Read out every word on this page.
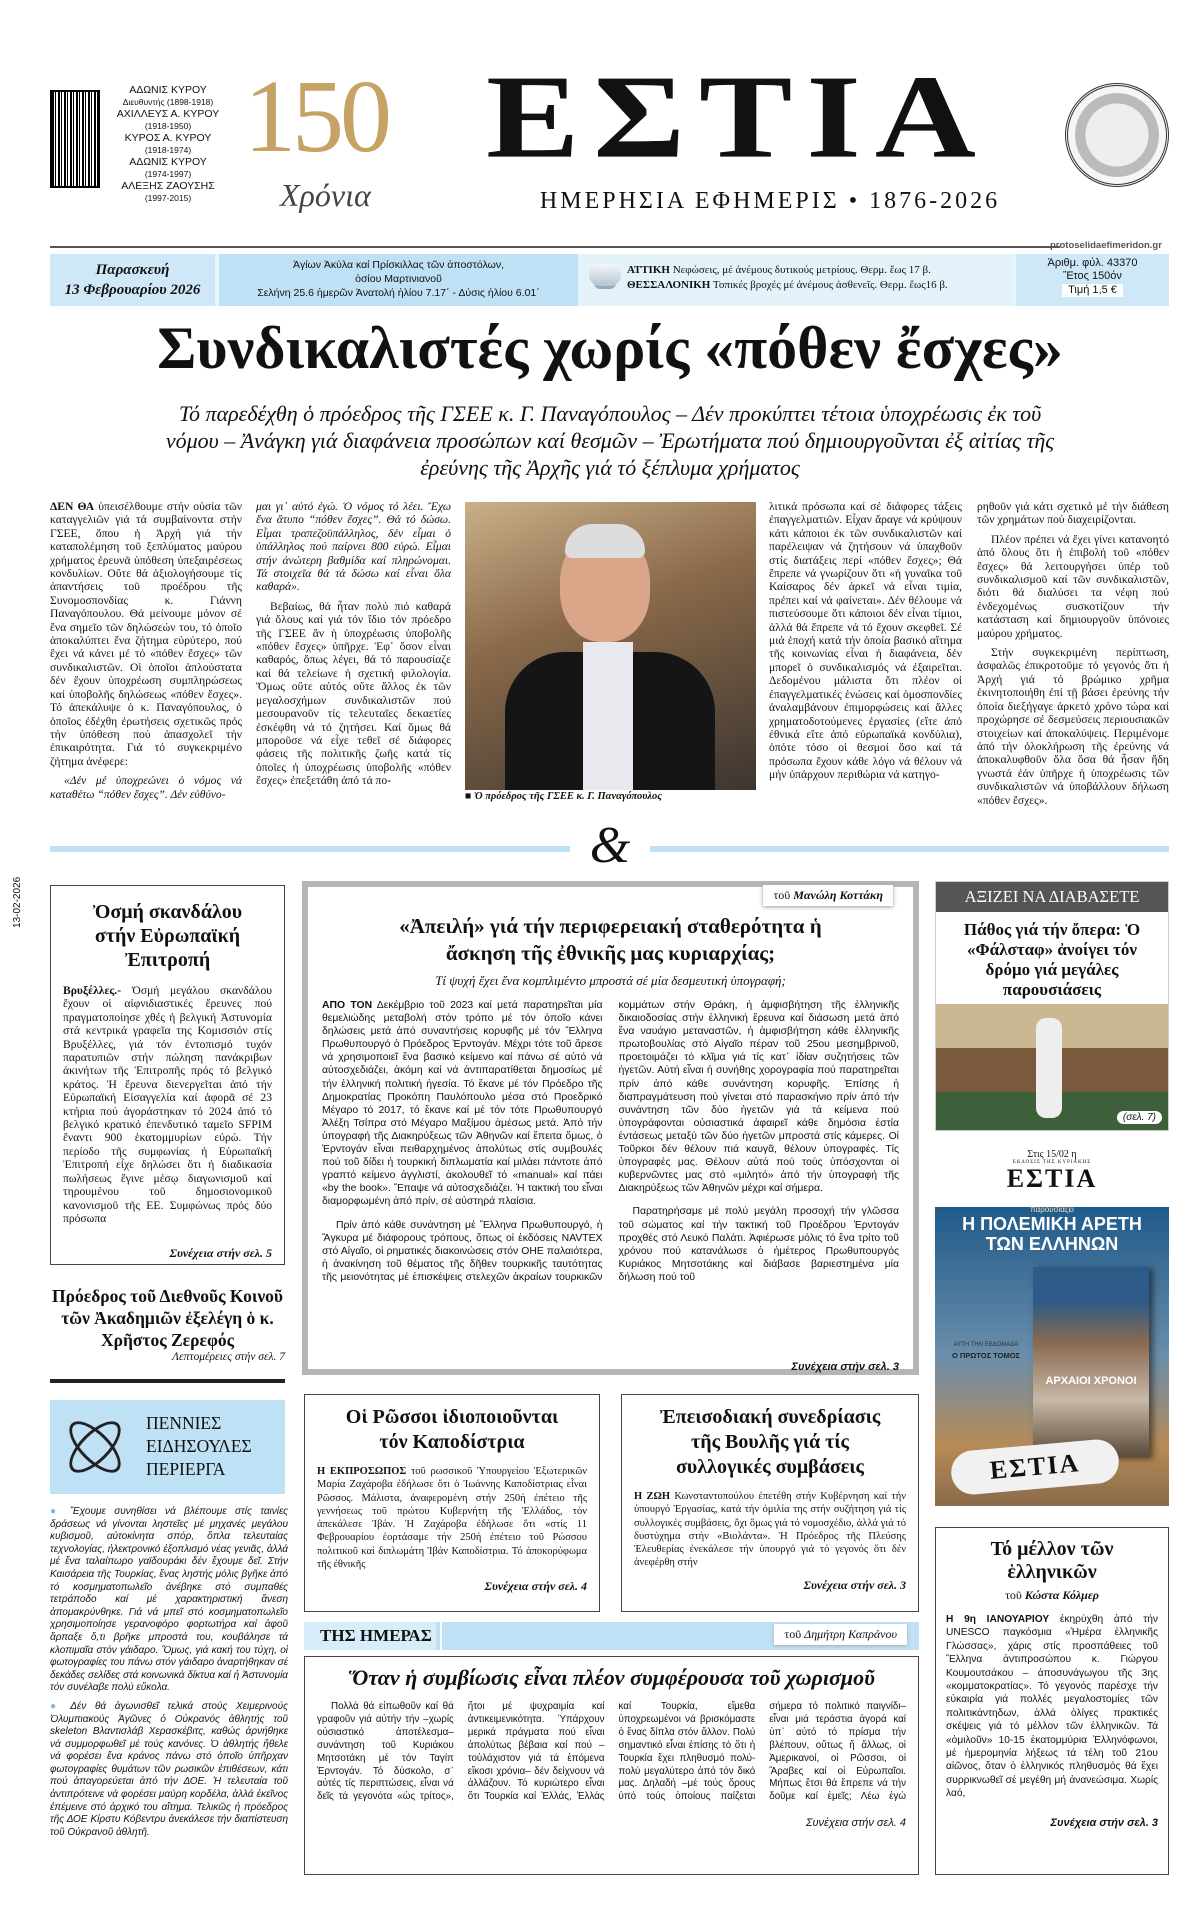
ΑΔΩΝΙΣ ΚΥΡΟΥ
Διευθυντής (1898-1918)
ΑΧΙΛΛΕΥΣ Α. ΚΥΡΟΥ
(1918-1950)
ΚΥΡΟΣ Α. ΚΥΡΟΥ
(1918-1974)
ΑΔΩΝΙΣ ΚΥΡΟΥ
(1974-1997)
ΑΛΕΞΗΣ ΖΑΟΥΣΗΣ
(1997-2015)
150
Χρόνια
ΕΣΤΙΑ
ΗΜΕΡΗΣΙΑ ΕΦΗΜΕΡΙΣ • 1876-2026
protoselidaefimeridon.gr
Παρασκευή
13 Φεβρουαρίου 2026
Ἁγίων Ἀκύλα καί Πρίσκιλλας τῶν ἀποστόλων,
ὁσίου Μαρτινιανοῦ
Σελήνη 25.6 ἡμερῶν Ἀνατολή ἡλίου 7.17΄ - Δύσις ἡλίου 6.01΄
ΑΤΤΙΚΗ Νεφώσεις, μέ ἀνέμους δυτικούς μετρίους. Θερμ. ἕως 17 β.
ΘΕΣΣΑΛΟΝΙΚΗ Τοπικές βροχές μέ ἀνέμους ἀσθενεῖς. Θερμ. ἕως16 β.
Ἀριθμ. φύλ. 43370
Ἔτος 150όν
Τιμή 1,5 €
Συνδικαλιστές χωρίς «πόθεν ἔσχες»
Τό παρεδέχθη ὁ πρόεδρος τῆς ΓΣΕΕ κ. Γ. Παναγόπουλος – Δέν προκύπτει τέτοια ὑποχρέωσις ἐκ τοῦ νόμου – Ἀνάγκη γιά διαφάνεια προσώπων καί θεσμῶν – Ἐρωτήματα πού δημιουργοῦνται ἐξ αἰτίας τῆς ἐρεύνης τῆς Ἀρχῆς γιά τό ξέπλυμα χρήματος

ΔΕΝ ΘΑ ὑπεισέλθουμε στήν οὐσία τῶν καταγγελιῶν γιά τά συμβαίνοντα στήν ΓΣΕΕ, ὅπου ἡ Ἀρχή γιά τήν καταπολέμηση τοῦ ξεπλύματος μαύρου χρήματος ἐρευνᾶ ὑπόθεση ὑπεξαιρέσεως κονδυλίων. Οὔτε θά ἀξιολογήσουμε τίς ἀπαντήσεις τοῦ προέδρου τῆς Συνομοσπονδίας κ. Γιάννη Παναγόπουλου. Θά μείνουμε μόνον σέ ἕνα σημεῖο τῶν δηλώσεών του, τό ὁποῖο ἀποκαλύπτει ἕνα ζήτημα εὐρύτερο, πού ἔχει νά κάνει μέ τό «πόθεν ἔσχες» τῶν συνδικαλιστῶν. Οἱ ὁποῖοι ἁπλούστατα δέν ἔχουν ὑποχρέωση συμπληρώσεως καί ὑποβολῆς δηλώσεως «πόθεν ἔσχες». Τό ἀπεκάλυψε ὁ κ. Παναγόπουλος, ὁ ὁποῖος ἐδέχθη ἐρωτήσεις σχετικῶς πρός τήν ὑπόθεση πού ἀπασχολεῖ τήν ἐπικαιρότητα. Γιά τό συγκεκριμένο ζήτημα ἀνέφερε:

«Δέν μέ ὑποχρεώνει ὁ νόμος νά καταθέτω “πόθεν ἔσχες”. Δέν εὐθύνο-

μαι γι᾽ αὐτό ἐγώ. Ὁ νόμος τό λέει. Ἔχω ἕνα ἄτυπο “πόθεν ἔσχες”. Θά τό δώσω. Εἶμαι τραπεζοϋπάλληλος, δέν εἶμαι ὁ ὑπάλληλος πού παίρνει 800 εὐρώ. Εἶμαι στήν ἀνώτερη βαθμίδα καί πληρώνομαι. Τά στοιχεῖα θά τά δώσω καί εἶναι ὅλα καθαρά».

Βεβαίως, θά ἦταν πολύ πιό καθαρά γιά ὅλους καί γιά τόν ἴδιο τόν πρόεδρο τῆς ΓΣΕΕ ἄν ἡ ὑποχρέωσις ὑποβολῆς «πόθεν ἔσχες» ὑπῆρχε. Ἐφ᾽ ὅσον εἶναι καθαρός, ὅπως λέγει, θά τό παρουσίαζε καί θά τελείωνε ἡ σχετική φιλολογία. Ὅμως οὔτε αὐτός οὔτε ἄλλος ἐκ τῶν μεγαλοσχήμων συνδικαλιστῶν πού μεσουρανοῦν τίς τελευταῖες δεκαετίες ἐσκέφθη νά τό ζητήσει. Καί ὅμως θά μποροῦσε νά εἶχε τεθεῖ σέ διάφορες φάσεις τῆς πολιτικῆς ζωῆς κατά τίς ὁποῖες ἡ ὑποχρέωσις ὑποβολῆς «πόθεν ἔσχες» ἐπεξετάθη ἀπό τά πο-

■ Ὁ πρόεδρος τῆς ΓΣΕΕ κ. Γ. Παναγόπουλος

λιτικά πρόσωπα καί σέ διάφορες τάξεις ἐπαγγελματιῶν. Εἶχαν ἄραγε νά κρύψουν κάτι κάποιοι ἐκ τῶν συνδικαλιστῶν καί παρέλειψαν νά ζητήσουν νά ὑπαχθοῦν στίς διατάξεις περί «πόθεν ἔσχες»; Θά ἔπρεπε νά γνωρίζουν ὅτι «ἡ γυναῖκα τοῦ Καίσαρος δέν ἀρκεῖ νά εἶναι τιμία, πρέπει καί νά φαίνεται». Δέν θέλουμε νά πιστεύσουμε ὅτι κάποιοι δέν εἶναι τίμιοι, ἀλλά θά ἔπρεπε νά τό ἔχουν σκεφθεῖ. Σέ μιά ἐποχή κατά τήν ὁποία βασικό αἴτημα τῆς κοινωνίας εἶναι ἡ διαφάνεια, δέν μπορεῖ ὁ συνδικαλισμός νά ἐξαιρεῖται. Δεδομένου μάλιστα ὅτι πλέον οἱ ἐπαγγελματικές ἑνώσεις καί ὁμοσπονδίες ἀναλαμβάνουν ἐπιμορφώσεις καί ἄλλες χρηματοδοτούμενες ἐργασίες (εἴτε ἀπό ἐθνικά εἴτε ἀπό εὐρωπαϊκά κονδύλια), ὁπότε τόσο οἱ θεσμοί ὅσο καί τά πρόσωπα ἔχουν κάθε λόγο νά θέλουν νά μήν ὑπάρχουν περιθώρια νά κατηγο-

ρηθοῦν γιά κάτι σχετικό μέ τήν διάθεση τῶν χρημάτων πού διαχειρίζονται.

Πλέον πρέπει νά ἔχει γίνει κατανοητό ἀπό ὅλους ὅτι ἡ ἐπιβολή τοῦ «πόθεν ἔσχες» θά λειτουργήσει ὑπέρ τοῦ συνδικαλισμοῦ καί τῶν συνδικαλιστῶν, διότι θά διαλύσει τα νέφη πού ἐνδεχομένως συσκοτίζουν τήν κατάσταση καί δημιουργοῦν ὑπόνοιες μαύρου χρήματος.

Στήν συγκεκριμένη περίπτωση, ἀσφαλῶς ἐπικροτοῦμε τό γεγονός ὅτι ἡ Ἀρχή γιά τό βρώμικο χρῆμα ἐκινητοποιήθη ἐπί τῇ βάσει ἐρεύνης τήν ὁποία διεξήγαγε ἀρκετό χρόνο τώρα καί προχώρησε σέ δεσμεύσεις περιουσιακῶν στοιχείων καί ἀποκαλύψεις. Περιμένομε ἀπό τήν ὁλοκλήρωση τῆς ἐρεύνης νά ἀποκαλυφθοῦν ὅλα ὅσα θά ἦσαν ἤδη γνωστά ἐάν ὑπῆρχε ἡ ὑποχρέωσις τῶν συνδικαλιστῶν νά ὑποβάλλουν δήλωση «πόθεν ἔσχες».

&
13-02-2026	Ὀσμή σκανδάλου στήν Εὐρωπαϊκή Ἐπιτροπή

Βρυξέλλες.- Ὀσμή μεγάλου σκανδάλου ἔχουν οἱ αἰφνιδιαστικές ἔρευνες πού πραγματοποίησε χθές ἡ βελγική Ἀστυνομία στά κεντρικά γραφεῖα της Κομισσιόν στίς Βρυξέλλες, γιά τόν ἐντοπισμό τυχόν παρατυπιῶν στήν πώληση πανάκριβων ἀκινήτων τῆς Ἐπιτροπῆς πρός τό βελγικό κράτος. Ἡ ἔρευνα διενεργεῖται ἀπό τήν Εὐρωπαϊκή Εἰσαγγελία καί ἀφορᾶ σέ 23 κτήρια πού ἀγοράστηκαν τό 2024 ἀπό τό βελγικό κρατικό ἐπενδυτικό ταμεῖο SFPIM ἔναντι 900 ἑκατομμυρίων εὐρώ. Τήν περίοδο τῆς συμφωνίας ἡ Εὐρωπαϊκή Ἐπιτροπή εἶχε δηλώσει ὅτι ἡ διαδικασία πωλήσεως ἔγινε μέσῳ διαγωνισμοῦ καί τηρουμένου τοῦ δημοσιονομικοῦ κανονισμοῦ τῆς ΕΕ. Συμφώνως πρός δύο πρόσωπα

Συνέχεια στήν σελ. 5
Πρόεδρος τοῦ Διεθνοῦς Κοινοῦ τῶν Ἀκαδημιῶν ἐξελέγη ὁ κ. Χρῆστος Ζερεφός
Λεπτομέρειες στήν σελ. 7
ΠΕΝΝΙΕΣ
ΕΙΔΗΣΟΥΛΕΣ
ΠΕΡΙΕΡΓΑ

● Ἔχουμε συνηθίσει νά βλέπουμε στίς ταινίες δράσεως νά γίνονται ληστεῖες μέ μηχανές μεγάλου κυβισμοῦ, αὐτοκίνητα σπόρ, ὅπλα τελευταίας τεχνολογίας, ἠλεκτρονικό ἐξοπλισμό νέας γενιᾶς, ἀλλά μέ ἕνα ταλαίπωρο γαϊδουράκι δέν ἔχουμε δεῖ. Στήν Καισάρεια τῆς Τουρκίας, ἕνας ληστής μόλις βγῆκε ἀπό τό κοσμηματοπωλεῖο ἀνέβηκε στό συμπαθές τετράποδο καί μέ χαρακτηριστική ἄνεση ἀπομακρύνθηκε. Γιά νά μπεῖ στό κοσμηματοπωλεῖο χρησιμοποίησε γερανοφόρο φορτωτήρα καί ἀφοῦ ἅρπαξε ὅ,τι βρῆκε μπροστά του, κουβάλησε τά κλοπιμαῖα στόν γάιδαρο. Ὅμως, γιά κακή του τύχη, οἱ φωτογραφίες του πάνω στόν γάιδαρο ἀναρτήθηκαν σέ δεκάδες σελίδες στά κοινωνικά δίκτυα καί ἡ Ἀστυνομία τόν συνέλαβε πολύ εὔκολα.

● Δέν θά ἀγωνισθεῖ τελικά στούς Χειμερινούς Ὀλυμπιακούς Ἀγῶνες ὁ Οὐκρανός ἀθλητής τοῦ skeleton Βλαντισλάβ Χερασκέβιτς, καθώς ἀρνήθηκε νά συμμορφωθεῖ μέ τούς κανόνες. Ὁ ἀθλητής ἤθελε νά φορέσει ἕνα κράνος πάνω στό ὁποῖο ὑπῆρχαν φωτογραφίες θυμάτων τῶν ρωσικῶν ἐπιθέσεων, κάτι πού ἀπαγορεύεται ἀπό τήν ΔΟΕ. Ἡ τελευταία τοῦ ἀντιπρότεινε νά φορέσει μαύρη κορδέλα, ἀλλά ἐκεῖνος ἐπέμεινε στό ἀρχικό του αἴτημα. Τελικῶς ἡ πρόεδρος τῆς ΔΟΕ Κίρστυ Κόβεντρυ ἀνεκάλεσε τήν διαπίστευση τοῦ Οὐκρανοῦ ἀθλητῆ.

τοῦ Μανώλη Κοττάκη
«Ἀπειλή» γιά τήν περιφερειακή σταθερότητα ἡ ἄσκηση τῆς ἐθνικῆς μας κυριαρχίας;
Τί ψυχή ἔχει ἕνα κομπλιμέντο μπροστά σέ μία δεσμευτική ὑπογραφή;

ΑΠΟ ΤΟΝ Δεκέμβριο τοῦ 2023 καί μετά παρατηρεῖται μία θεμελιώδης μεταβολή στόν τρόπο μέ τόν ὁποῖο κάνει δηλώσεις μετά ἀπό συναντήσεις κορυφῆς μέ τόν Ἕλληνα Πρωθυπουργό ὁ Πρόεδρος Ἐρντογάν. Μέχρι τότε τοῦ ἄρεσε νά χρησιμοποιεῖ ἕνα βασικό κείμενο καί πάνω σέ αὐτό νά αὐτοσχεδιάζει, ἀκόμη καί νά ἀντιπαρατίθεται δημοσίως μέ τήν ἑλληνική πολιτική ἡγεσία. Τό ἔκανε μέ τόν Πρόεδρο τῆς Δημοκρατίας Προκόπη Παυλόπουλο μέσα στό Προεδρικό Μέγαρο τό 2017, τό ἔκανε καί μέ τόν τότε Πρωθυπουργό Ἀλέξη Τσίπρα στό Μέγαρο Μαξίμου ἀμέσως μετά. Ἀπό τήν ὑπογραφή τῆς Διακηρύξεως τῶν Ἀθηνῶν καί ἔπειτα ὅμως, ὁ Ἐρντογάν εἶναι πειθαρχημένος ἀπολύτως στίς συμβουλές πού τοῦ δίδει ἡ τουρκική διπλωματία καί μιλάει πάντοτε ἀπό γραπτό κείμενο ἀγγλιστί, ἀκολουθεῖ τό «manual» καί πάει «by the book». Ἔπαψε νά αὐτοσχεδιάζει. Ἡ τακτική του εἶναι διαμορφωμένη ἀπό πρίν, σέ αὐστηρά πλαίσια.

Πρίν ἀπό κάθε συνάντηση μέ Ἕλληνα Πρωθυπουργό, ἡ Ἄγκυρα μέ διάφορους τρόπους, ὅπως οἱ ἐκδόσεις NAVTEX στό Αἰγαῖο, οἱ ρηματικές διακοινώσεις στόν ΟΗΕ παλαιότερα, ἡ ἀνακίνηση τοῦ θέματος τῆς δῆθεν τουρκικῆς ταυτότητας τῆς μειονότητας μέ ἐπισκέψεις στελεχῶν ἀκραίων τουρκικῶν κομμάτων στήν Θράκη, ἡ ἀμφισβήτηση τῆς ἑλληνικῆς δικαιοδοσίας στήν ἑλληνική ἔρευνα καί διάσωση μετά ἀπό ἕνα ναυάγιο μεταναστῶν, ἡ ἀμφισβήτηση κάθε ἑλληνικῆς πρωτοβουλίας στό Αἰγαῖο πέραν τοῦ 25ου μεσημβρινοῦ, προετοιμάζει τό κλῖμα γιά τίς κατ᾽ ἰδίαν συζητήσεις τῶν ἡγετῶν. Αὐτή εἶναι ἡ συνήθης χορογραφία πού παρατηρεῖται πρίν ἀπό κάθε συνάντηση κορυφῆς. Ἐπίσης ἡ διαπραγμάτευση πού γίνεται στό παρασκήνιο πρίν ἀπό τήν συνάντηση τῶν δύο ἡγετῶν γιά τά κείμενα πού ὑπογράφονται οὐσιαστικά ἀφαιρεῖ κάθε δημόσια ἑστία ἐντάσεως μεταξύ τῶν δύο ἡγετῶν μπροστά στίς κάμερες. Οἱ Τοῦρκοι δέν θέλουν πιά καυγᾶ, θέλουν ὑπογραφές. Τίς ὑπογραφές μας. Θέλουν αὐτά πού τούς ὑπόσχονται οἱ κυβερνῶντες μας στό «μιλητό» ἀπό τήν ὑπογραφή τῆς Διακηρύξεως τῶν Ἀθηνῶν μέχρι καί σήμερα.

Παρατηρήσαμε μέ πολύ μεγάλη προσοχή τήν γλῶσσα τοῦ σώματος καί τήν τακτική τοῦ Προέδρου Ἐρντογάν προχθές στό Λευκό Παλάτι. Ἀφιέρωσε μόλις τό ἕνα τρίτο τοῦ χρόνου πού κατανάλωσε ὁ ἡμέτερος Πρωθυπουργός Κυριάκος Μητσοτάκης καί διάβασε βαριεστημένα μία δήλωση πού τοῦ

Συνέχεια στήν σελ. 3
Οἱ Ρῶσσοι ἰδιοποιοῦνται τόν Καποδίστρια

Η ΕΚΠΡΟΣΩΠΟΣ τοῦ ρωσσικοῦ Ὑπουργείου Ἐξωτερικῶν Μαρία Ζαχάροβα ἐδήλωσε ὅτι ὁ Ἰωάννης Καποδίστριας εἶναι Ρῶσσος. Μάλιστα, ἀναφερομένη στήν 250ή ἐπέτειο τῆς γεννήσεως τοῦ πρώτου Κυβερνήτη τῆς Ἑλλάδος, τόν ἀπεκάλεσε Ἰβάν. Ἡ Ζαχάροβα ἐδήλωσε ὅτι «στίς 11 Φεβρουαρίου ἑορτάσαμε τήν 250ή ἐπέτειο τοῦ Ρώσσου πολιτικοῦ καί διπλωμάτη Ἰβάν Καποδίστρια. Τό ἀποκορύφωμα τῆς ἐθνικῆς

Συνέχεια στήν σελ. 4
Ἐπεισοδιακή συνεδρίασις τῆς Βουλῆς γιά τίς συλλογικές συμβάσεις

Η ΖΩΗ Κωνσταντοπούλου ἐπετέθη στήν Κυβέρνηση καί τήν ὑπουργό Ἐργασίας, κατά τήν ὁμιλία της στήν συζήτηση γιά τίς συλλογικές συμβάσεις, ὄχι ὅμως γιά τό νομοσχέδιο, ἀλλά γιά τό δυστύχημα στήν «Βιολάντα». Ἡ Πρόεδρος τῆς Πλεύσης Ἐλευθερίας ἐνεκάλεσε τήν ὑπουργό γιά τό γεγονός ὅτι δέν ἀνεφέρθη στήν

Συνέχεια στήν σελ. 3
ΤΗΣ ΗΜΕΡΑΣ	τοῦ Δημήτρη Καπράνου
Ὅταν ἡ συμβίωσις εἶναι πλέον συμφέρουσα τοῦ χωρισμοῦ

Πολλά θά εἰπωθοῦν καί θά γραφοῦν γιά αὐτήν τήν –χωρίς οὐσιαστικό ἀποτέλεσμα– συνάντηση τοῦ Κυριάκου Μητσοτάκη μέ τόν Ταγίπ Ἐρντογάν. Τό δύσκολο, σ᾽ αὐτές τίς περιπτώσεις, εἶναι νά δεῖς τά γεγονότα «ὡς τρίτος», ἤτοι μέ ψυχραιμία καί ἀντικειμενικότητα. Ὑπάρχουν μερικά πράγματα πού εἶναι ἀπολύτως βέβαια καί πού –τοὐλάχιστον γιά τά ἑπόμενα εἴκοσι χρόνια– δέν δείχνουν νά ἀλλάζουν. Τό κυριώτερο εἶναι ὅτι Τουρκία καί Ἑλλάς, Ἑλλάς καί Τουρκία, εἴμεθα ὑποχρεωμένοι νά βρισκόμαστε ὁ ἕνας δίπλα στόν ἄλλον. Πολύ σημαντικό εἶναι ἐπίσης τό ὅτι ἡ Τουρκία ἔχει πληθυσμό πολύ-πολύ μεγαλύτερο ἀπό τόν δικό μας. Δηλαδή –μέ τούς ὅρους ὑπό τούς ὁποίους παίζεται σήμερα τό πολιτικό παιγνίδι– εἶναι μιά τεράστια ἀγορά καί ὑπ᾽ αὐτό τό πρίσμα τήν βλέπουν, οὕτως ἤ ἄλλως, οἱ Ἀμερικανοί, οἱ Ρῶσσοι, οἱ Ἄραβες καί οἱ Εὐρωπαῖοι. Μήπως ἔτσι θά ἔπρεπε νά τήν δοῦμε καί ἐμεῖς; Λέω ἐγώ

Συνέχεια στήν σελ. 4
ΑΞΙΖΕΙ ΝΑ ΔΙΑΒΑΣΕΤΕ
Πάθος γιά τήν ὄπερα: Ὁ «Φάλσταφ» ἀνοίγει τόν δρόμο γιά μεγάλες παρουσιάσεις
(σελ. 7)
Στις 15/02 η
ΕΚΔΟΣΙΣ ΤΗΣ ΚΥΡΙΑΚΗΣ
ΕΣΤΙΑ
παρουσιάζει
Η ΠΟΛΕΜΙΚΗ ΑΡΕΤΗ ΤΩΝ ΕΛΛΗΝΩΝ
ΑΡΧΑΙΟΙ ΧΡΟΝΟΙ
ΑΥΤΗ ΤΗΝ ΕΒΔΟΜΑΔΑ
Ο ΠΡΩΤΟΣ ΤΟΜΟΣ
ΕΣΤΙΑ
Τό μέλλον τῶν ἑλληνικῶν
τοῦ Κώστα Κόλμερ

Η 9η ΙΑΝΟΥΑΡΙΟΥ ἐκηρύχθη ἀπό τήν UNESCO παγκόσμια «Ἡμέρα ἑλληνικῆς Γλώσσας», χάρις στίς προσπάθειες τοῦ Ἕλληνα ἀντιπροσώπου κ. Γιώργου Κουμουτσάκου – ἀποσυνάγωγου τῆς 3ης «κομματοκρατίας». Τό γεγονός παρέσχε τήν εὐκαιρία γιά πολλές μεγαλοστομίες τῶν πολιτικάντηδων, ἀλλά ὀλίγες πρακτικές σκέψεις γιά τό μέλλον τῶν ἑλληνικῶν. Τά «ὁμιλοῦν» 10-15 ἑκατομμύρια Ἑλληνόφωνοι, μέ ἡμερομηνία λήξεως τά τέλη τοῦ 21ου αἰῶνος, ὅταν ὁ ἑλληνικός πληθυσμός θά ἔχει συρρικνωθεῖ σέ μεγέθη μή ἀνανεώσιμα. Χωρίς λαό,

Συνέχεια στήν σελ. 3
